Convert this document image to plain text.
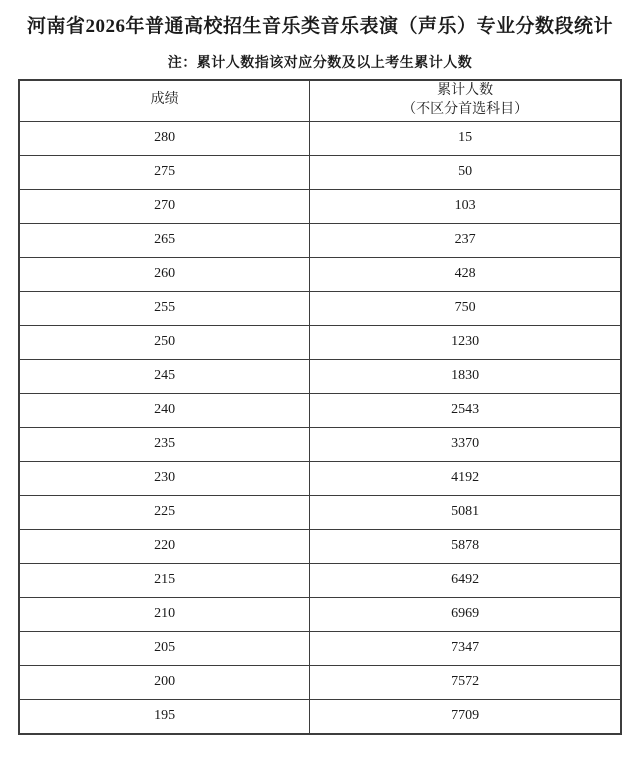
河南省2026年普通高校招生音乐类音乐表演（声乐）专业分数段统计
注：累计人数指该对应分数及以上考生累计人数
成绩	累计人数
（不区分首选科目）

280	15
275	50
270	103
265	237
260	428
255	750
250	1230
245	1830
240	2543
235	3370
230	4192
225	5081
220	5878
215	6492
210	6969
205	7347
200	7572
195	7709
